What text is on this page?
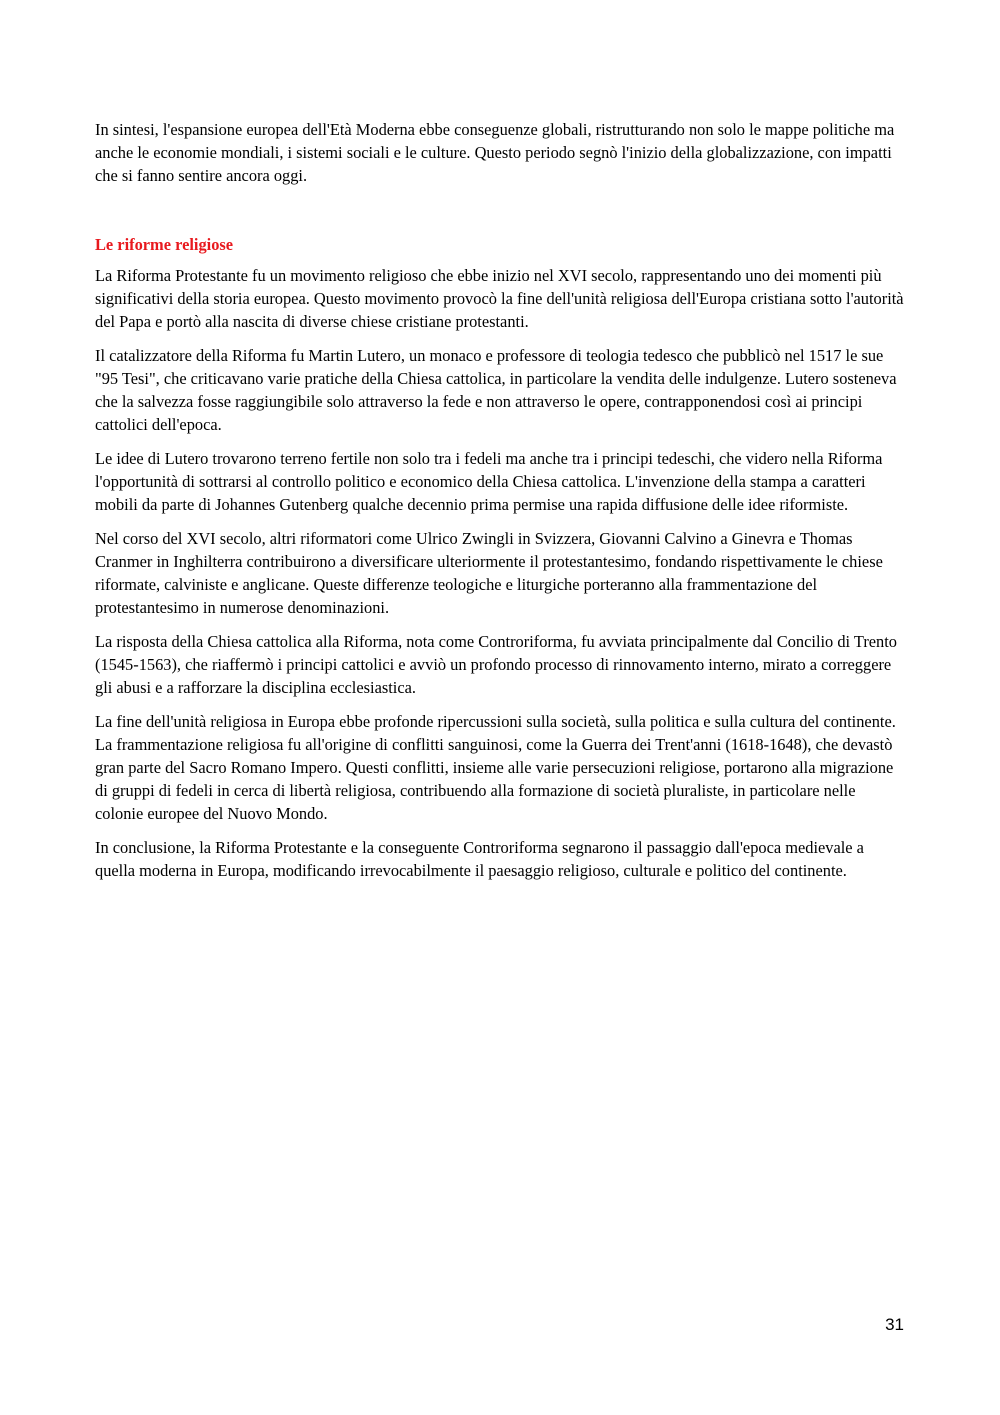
In sintesi, l'espansione europea dell'Età Moderna ebbe conseguenze globali, ristrutturando non solo le mappe politiche ma anche le economie mondiali, i sistemi sociali e le culture. Questo periodo segnò l'inizio della globalizzazione, con impatti che si fanno sentire ancora oggi.

Le riforme religiose

La Riforma Protestante fu un movimento religioso che ebbe inizio nel XVI secolo, rappresentando uno dei momenti più significativi della storia europea. Questo movimento provocò la fine dell'unità religiosa dell'Europa cristiana sotto l'autorità del Papa e portò alla nascita di diverse chiese cristiane protestanti.

Il catalizzatore della Riforma fu Martin Lutero, un monaco e professore di teologia tedesco che pubblicò nel 1517 le sue "95 Tesi", che criticavano varie pratiche della Chiesa cattolica, in particolare la vendita delle indulgenze. Lutero sosteneva che la salvezza fosse raggiungibile solo attraverso la fede e non attraverso le opere, contrapponendosi così ai principi cattolici dell'epoca.

Le idee di Lutero trovarono terreno fertile non solo tra i fedeli ma anche tra i principi tedeschi, che videro nella Riforma l'opportunità di sottrarsi al controllo politico e economico della Chiesa cattolica. L'invenzione della stampa a caratteri mobili da parte di Johannes Gutenberg qualche decennio prima permise una rapida diffusione delle idee riformiste.

Nel corso del XVI secolo, altri riformatori come Ulrico Zwingli in Svizzera, Giovanni Calvino a Ginevra e Thomas Cranmer in Inghilterra contribuirono a diversificare ulteriormente il protestantesimo, fondando rispettivamente le chiese riformate, calviniste e anglicane. Queste differenze teologiche e liturgiche porteranno alla frammentazione del protestantesimo in numerose denominazioni.

La risposta della Chiesa cattolica alla Riforma, nota come Controriforma, fu avviata principalmente dal Concilio di Trento (1545-1563), che riaffermò i principi cattolici e avviò un profondo processo di rinnovamento interno, mirato a correggere gli abusi e a rafforzare la disciplina ecclesiastica.

La fine dell'unità religiosa in Europa ebbe profonde ripercussioni sulla società, sulla politica e sulla cultura del continente. La frammentazione religiosa fu all'origine di conflitti sanguinosi, come la Guerra dei Trent'anni (1618-1648), che devastò gran parte del Sacro Romano Impero. Questi conflitti, insieme alle varie persecuzioni religiose, portarono alla migrazione di gruppi di fedeli in cerca di libertà religiosa, contribuendo alla formazione di società pluraliste, in particolare nelle colonie europee del Nuovo Mondo.

In conclusione, la Riforma Protestante e la conseguente Controriforma segnarono il passaggio dall'epoca medievale a quella moderna in Europa, modificando irrevocabilmente il paesaggio religioso, culturale e politico del continente.

31
